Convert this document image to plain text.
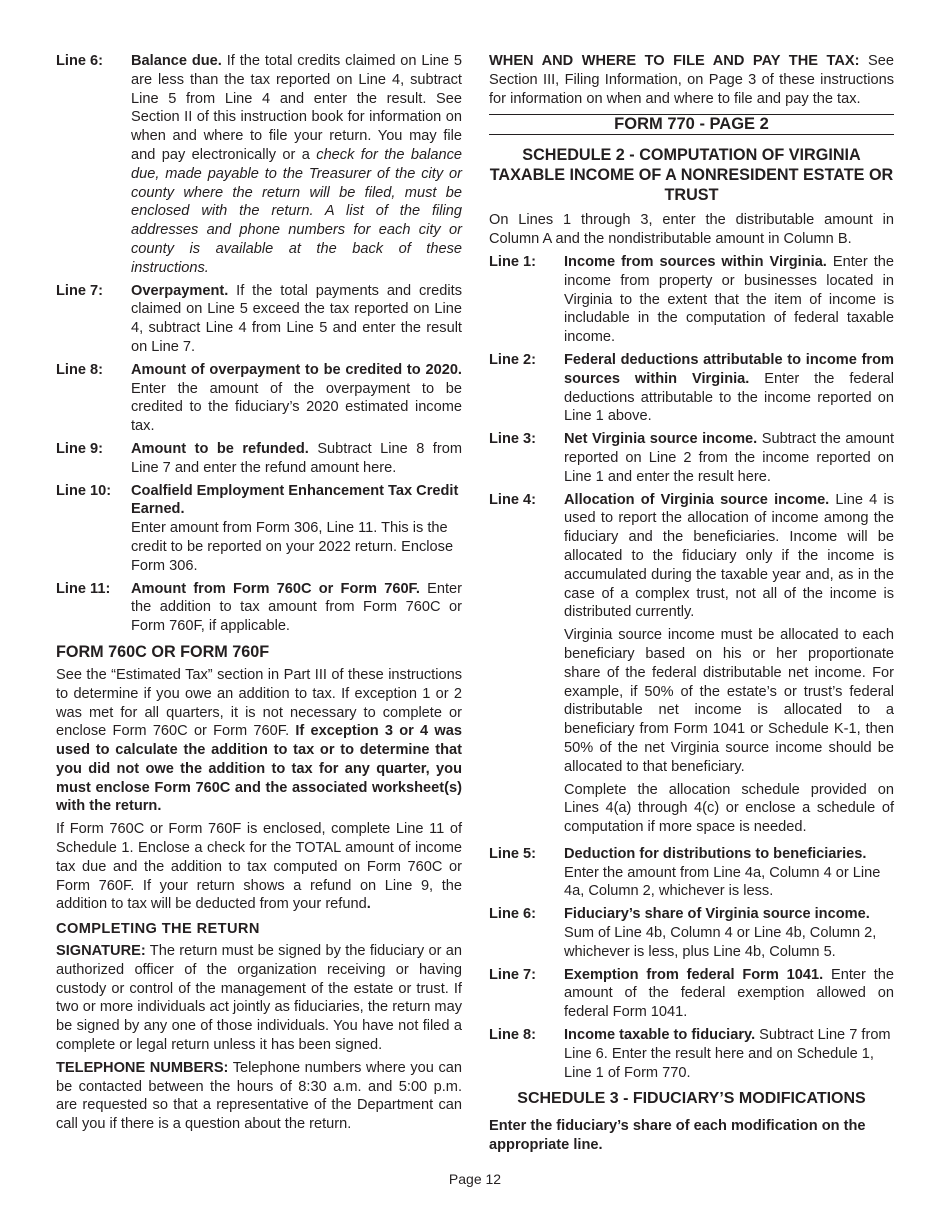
Line 6:	Balance due. If the total credits claimed on Line 5 are less than the tax reported on Line 4, subtract Line 5 from Line 4 and enter the result. See Section II of this instruction book for information on when and where to file your return. You may file and pay electronically or a check for the balance due, made payable to the Treasurer of the city or county where the return will be filed, must be enclosed with the return. A list of the filing addresses and phone numbers for each city or county is available at the back of these instructions.
Line 7:	Overpayment. If the total payments and credits claimed on Line 5 exceed the tax reported on Line 4, subtract Line 4 from Line 5 and enter the result on Line 7.
Line 8:	Amount of overpayment to be credited to 2020. Enter the amount of the overpayment to be credited to the fiduciary’s 2020 estimated income tax.
Line 9:	Amount to be refunded. Subtract Line 8 from Line 7 and enter the refund amount here.
Line 10:	Coalfield Employment Enhancement Tax Credit Earned.
Enter amount from Form 306, Line 11. This is the credit to be reported on your 2022 return. Enclose Form 306.
Line 11:	Amount from Form 760C or Form 760F. Enter the addition to tax amount from Form 760C or Form 760F, if applicable.
FORM 760C OR FORM 760F

See the “Estimated Tax” section in Part III of these instructions to determine if you owe an addition to tax. If exception 1 or 2 was met for all quarters, it is not necessary to complete or enclose Form 760C or Form 760F. If exception 3 or 4 was used to calculate the addition to tax or to determine that you did not owe the addition to tax for any quarter, you must enclose Form 760C and the associated worksheet(s) with the return.

If Form 760C or Form 760F is enclosed, complete Line 11 of Schedule 1. Enclose a check for the TOTAL amount of income tax due and the addition to tax computed on Form 760C or Form 760F. If your return shows a refund on Line 9, the addition to tax will be deducted from your refund.

COMPLETING THE RETURN

SIGNATURE: The return must be signed by the fiduciary or an authorized officer of the organization receiving or having custody or control of the management of the estate or trust. If two or more individuals act jointly as fiduciaries, the return may be signed by any one of those individuals. You have not filed a complete or legal return unless it has been signed.

TELEPHONE NUMBERS: Telephone numbers where you can be contacted between the hours of 8:30 a.m. and 5:00 p.m. are requested so that a representative of the Department can call you if there is a question about the return.

WHEN AND WHERE TO FILE AND PAY THE TAX: See Section III, Filing Information, on Page 3 of these instructions for information on when and where to file and pay the tax.

FORM 770 - PAGE 2
SCHEDULE 2 - COMPUTATION OF VIRGINIA TAXABLE INCOME OF A NONRESIDENT ESTATE OR TRUST

On Lines 1 through 3, enter the distributable amount in Column A and the nondistributable amount in Column B.

Line 1:	Income from sources within Virginia. Enter the income from property or businesses located in Virginia to the extent that the item of income is includable in the computation of federal taxable income.
Line 2:	Federal deductions attributable to income from sources within Virginia. Enter the federal deductions attributable to the income reported on Line 1 above.
Line 3:	Net Virginia source income. Subtract the amount reported on Line 2 from the income reported on Line 1 and enter the result here.
Line 4:	Allocation of Virginia source income. Line 4 is used to report the allocation of income among the fiduciary and the beneficiaries. Income will be allocated to the fiduciary only if the income is accumulated during the taxable year and, as in the case of a complex trust, not all of the income is distributed currently.

Virginia source income must be allocated to each beneficiary based on his or her proportionate share of the federal distributable net income. For example, if 50% of the estate’s or trust’s federal distributable net income is allocated to a beneficiary from Form 1041 or Schedule K-1, then 50% of the net Virginia source income should be allocated to that beneficiary.

Complete the allocation schedule provided on Lines 4(a) through 4(c) or enclose a schedule of computation if more space is needed.

Line 5:	Deduction for distributions to beneficiaries. Enter the amount from Line 4a, Column 4 or Line 4a, Column 2, whichever is less.
Line 6:	Fiduciary’s share of Virginia source income. Sum of Line 4b, Column 4 or Line 4b, Column 2, whichever is less, plus Line 4b, Column 5.
Line 7:	Exemption from federal Form 1041. Enter the amount of the federal exemption allowed on federal Form 1041.
Line 8:	Income taxable to fiduciary. Subtract Line 7 from Line 6. Enter the result here and on Schedule 1, Line 1 of Form 770.
SCHEDULE 3 - FIDUCIARY’S MODIFICATIONS

Enter the fiduciary’s share of each modification on the appropriate line.

Page 12
